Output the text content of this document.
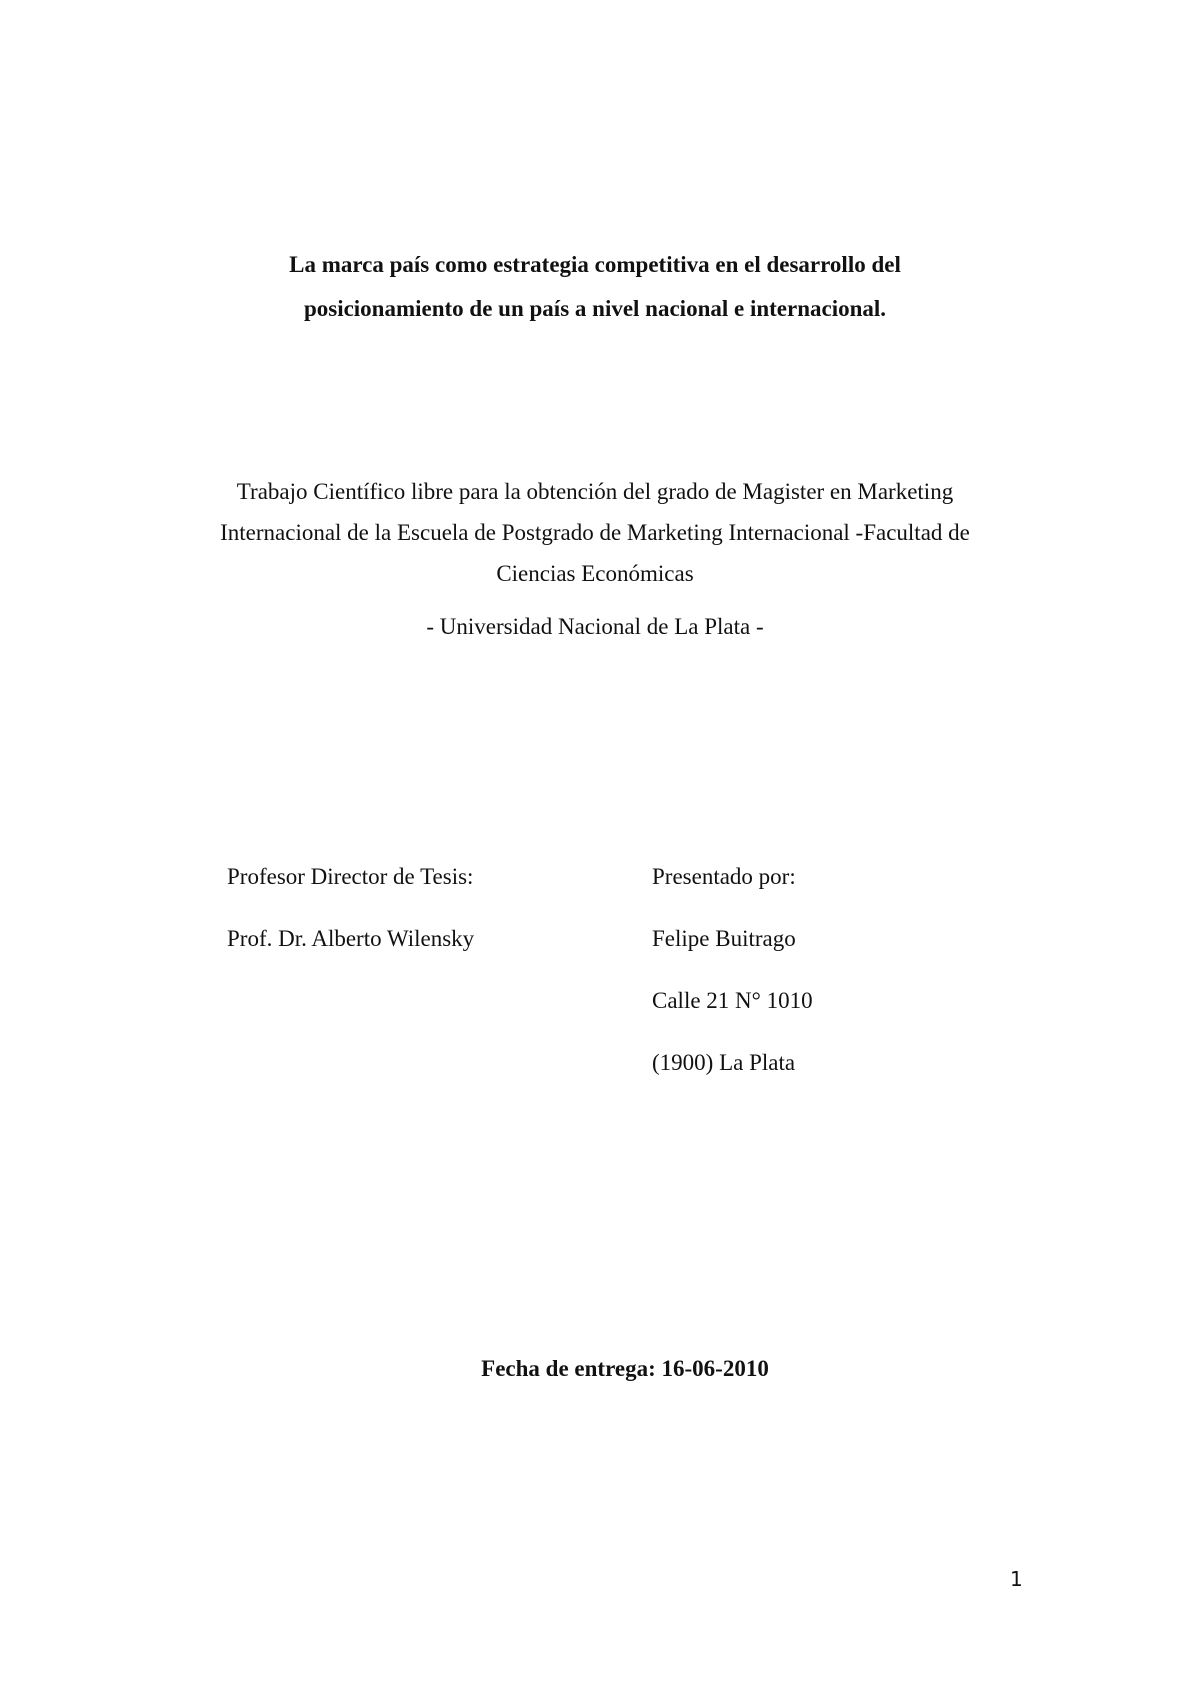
La marca país como estrategia competitiva en el desarrollo del
posicionamiento de un país a nivel nacional e internacional.
Trabajo Científico libre para la obtención del grado de Magister en Marketing
Internacional de la Escuela de Postgrado de Marketing Internacional -Facultad de
Ciencias Económicas
- Universidad Nacional de La Plata -
Profesor Director de Tesis:
Prof. Dr. Alberto Wilensky
Presentado por:
Felipe Buitrago
Calle 21 N° 1010
(1900) La Plata
Fecha de entrega: 16-06-2010
1
